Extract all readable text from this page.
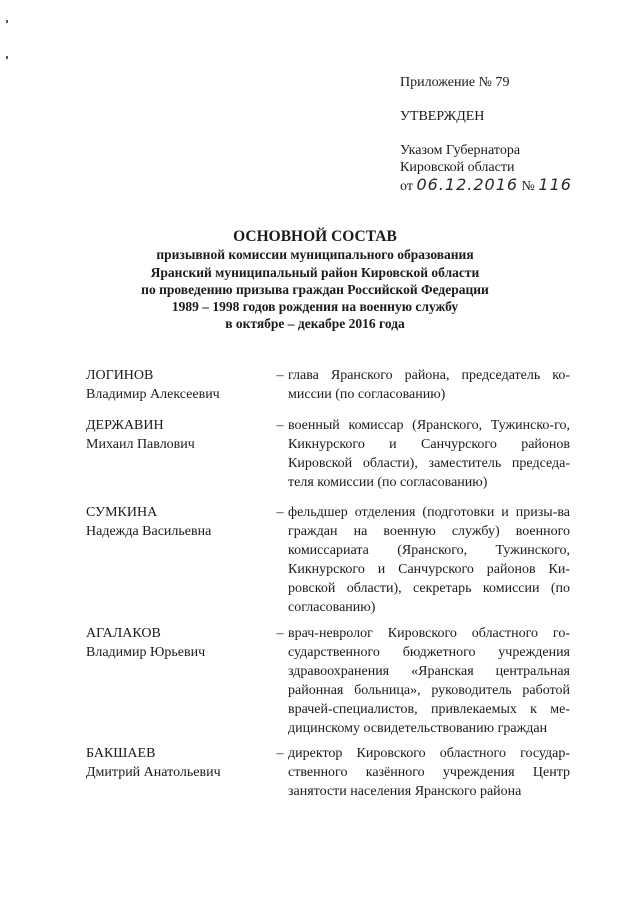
Приложение № 79
УТВЕРЖДЕН
Указом Губернатора
Кировской области
от 06.12.2016 № 116
ОСНОВНОЙ СОСТАВ
призывной комиссии муниципального образования
Яранский муниципальный район Кировской области
по проведению призыва граждан Российской Федерации
1989 – 1998 годов рождения на военную службу
в октябре – декабре 2016 года
ЛОГИНОВ
Владимир Алексеевич
– глава Яранского района, председатель ко-миссии (по согласованию)
ДЕРЖАВИН
Михаил Павлович
– военный комиссар (Яранского, Тужинско-го, Кикнурского и Санчурского районов Кировской области), заместитель председа-теля комиссии (по согласованию)
СУМКИНА
Надежда Васильевна
– фельдшер отделения (подготовки и призы-ва граждан на военную службу) военного комиссариата (Яранского, Тужинского, Кикнурского и Санчурского районов Ки-ровской области), секретарь комиссии (по согласованию)
АГАЛАКОВ
Владимир Юрьевич
– врач-невролог Кировского областного го-сударственного бюджетного учреждения здравоохранения «Яранская центральная районная больница», руководитель работой врачей-специалистов, привлекаемых к ме-дицинскому освидетельствованию граждан
БАКШАЕВ
Дмитрий Анатольевич
– директор Кировского областного государ-ственного казённого учреждения Центр занятости населения Яранского района
